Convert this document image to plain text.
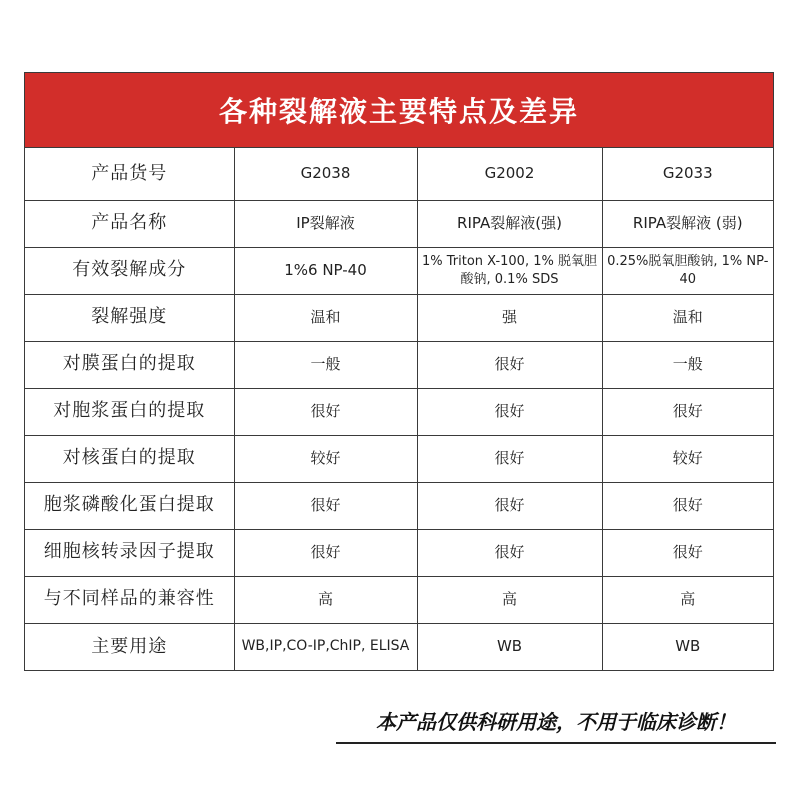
各种裂解液主要特点及差异
产品货号	G2038	G2002	G2033
产品名称	IP裂解液	RIPA裂解液(强)	RIPA裂解液 (弱)
有效裂解成分	1%6 NP-40	1% Triton X-100, 1% 脱氧胆酸钠, 0.1% SDS	0.25%脱氧胆酸钠, 1% NP-40
裂解强度	温和	强	温和
对膜蛋白的提取	一般	很好	一般
对胞浆蛋白的提取	很好	很好	很好
对核蛋白的提取	较好	很好	较好
胞浆磷酸化蛋白提取	很好	很好	很好
细胞核转录因子提取	很好	很好	很好
与不同样品的兼容性	高	高	高
主要用途	WB,IP,CO-IP,ChIP, ELISA	WB	WB
本产品仅供科研用途，不用于临床诊断！
